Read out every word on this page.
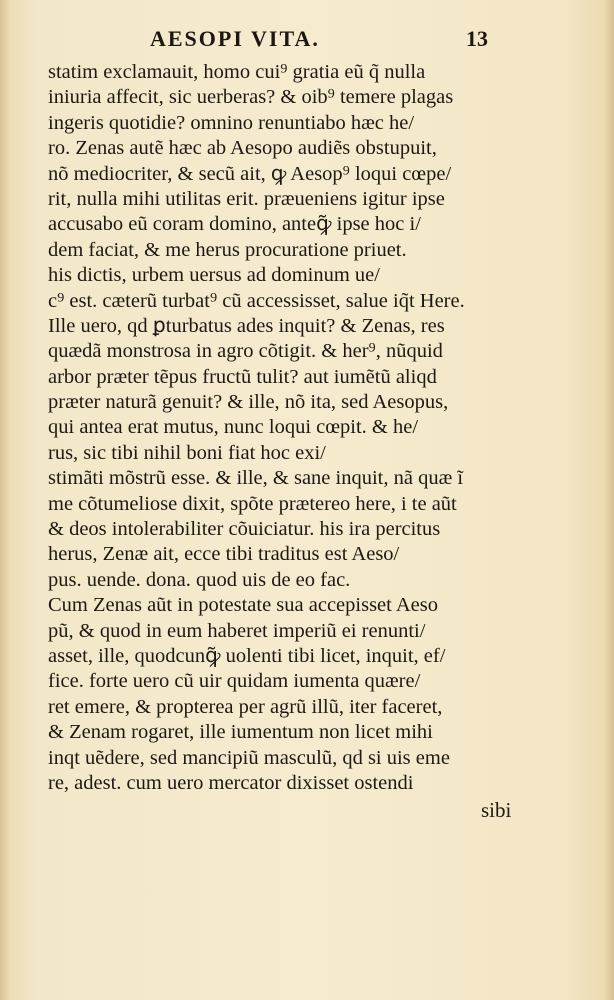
AESOPI VITA.	13
statim exclamauit, homo cui⁹ gratia eũ q̃ nulla
iniuria affecit, sic uerberas? & oib⁹ temere plagas
ingeris quotidie? omnino renuntiabo hæc he/
ro. Zenas autẽ hæc ab Aesopo audiẽs obstupuit,
nõ mediocriter, & secũ ait, ꝙ Aesop⁹ loqui cœpe/
rit, nulla mihi utilitas erit. præueniens igitur ipse
accusabo eũ coram domino, anteꝙ̃ ipse hoc i/
dem faciat, & me herus procuratione priuet.
his dictis, urbem uersus ad dominum ue/
c⁹ est. cæterũ turbat⁹ cũ accessisset, salue iq̃t Here.
Ille uero, qd ꝑturbatus ades inquit? & Zenas, res
quædã monstrosa in agro cõtigit. & her⁹, nũquid
arbor præter tẽpus fructũ tulit? aut iumẽtũ aliqd
præter naturã genuit? & ille, nõ ita, sed Aesopus,
qui antea erat mutus, nunc loqui cœpit. & he/
rus, sic tibi nihil boni fiat hoc exi/
stimãti mõstrũ esse. & ille, & sane inquit, nã quæ ĩ
me cõtumeliose dixit, spõte prætereo here, i te aũt
& deos intolerabiliter cõuiciatur. his ira percitus
herus, Zenæ ait, ecce tibi traditus est Aeso/
pus. uende. dona. quod uis de eo fac.
Cum Zenas aũt in potestate sua accepisset Aeso
pũ, & quod in eum haberet imperiũ ei renunti/
asset, ille, quodcunꝙ̃ uolenti tibi licet, inquit, ef/
fice. forte uero cũ uir quidam iumenta quære/
ret emere, & propterea per agrũ illũ, iter faceret,
& Zenam rogaret, ille iumentum non licet mihi
inqt uẽdere, sed mancipiũ masculũ, qd si uis eme
re, adest. cum uero mercator dixisset ostendi
sibi
